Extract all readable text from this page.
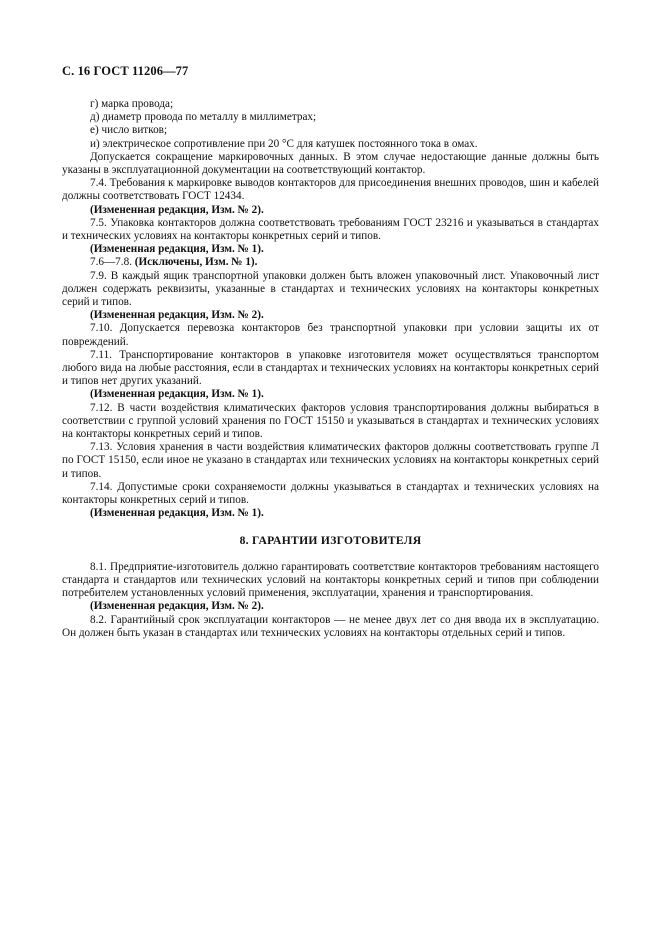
С. 16 ГОСТ 11206—77

г) марка провода;

д) диаметр провода по металлу в миллиметрах;

е) число витков;

и) электрическое сопротивление при 20 °С для катушек постоянного тока в омах.

Допускается сокращение маркировочных данных. В этом случае недостающие данные должны быть указаны в эксплуатационной документации на соответствующий контактор.

7.4. Требования к маркировке выводов контакторов для присоединения внешних проводов, шин и кабелей должны соответствовать ГОСТ 12434.

(Измененная редакция, Изм. № 2).

7.5. Упаковка контакторов должна соответствовать требованиям ГОСТ 23216 и указываться в стандартах и технических условиях на контакторы конкретных серий и типов.

(Измененная редакция, Изм. № 1).

7.6—7.8. (Исключены, Изм. № 1).

7.9. В каждый ящик транспортной упаковки должен быть вложен упаковочный лист. Упаковочный лист должен содержать реквизиты, указанные в стандартах и технических условиях на контакторы конкретных серий и типов.

(Измененная редакция, Изм. № 2).

7.10. Допускается перевозка контакторов без транспортной упаковки при условии защиты их от повреждений.

7.11. Транспортирование контакторов в упаковке изготовителя может осуществляться транспортом любого вида на любые расстояния, если в стандартах и технических условиях на контакторы конкретных серий и типов нет других указаний.

(Измененная редакция, Изм. № 1).

7.12. В части воздействия климатических факторов условия транспортирования должны выбираться в соответствии с группой условий хранения по ГОСТ 15150 и указываться в стандартах и технических условиях на контакторы конкретных серий и типов.

7.13. Условия хранения в части воздействия климатических факторов должны соответствовать группе Л по ГОСТ 15150, если иное не указано в стандартах или технических условиях на контакторы конкретных серий и типов.

7.14. Допустимые сроки сохраняемости должны указываться в стандартах и технических условиях на контакторы конкретных серий и типов.

(Измененная редакция, Изм. № 1).

8. ГАРАНТИИ ИЗГОТОВИТЕЛЯ

8.1. Предприятие-изготовитель должно гарантировать соответствие контакторов требованиям настоящего стандарта и стандартов или технических условий на контакторы конкретных серий и типов при соблюдении потребителем установленных условий применения, эксплуатации, хранения и транспортирования.

(Измененная редакция, Изм. № 2).

8.2. Гарантийный срок эксплуатации контакторов — не менее двух лет со дня ввода их в эксплуатацию. Он должен быть указан в стандартах или технических условиях на контакторы отдельных серий и типов.
